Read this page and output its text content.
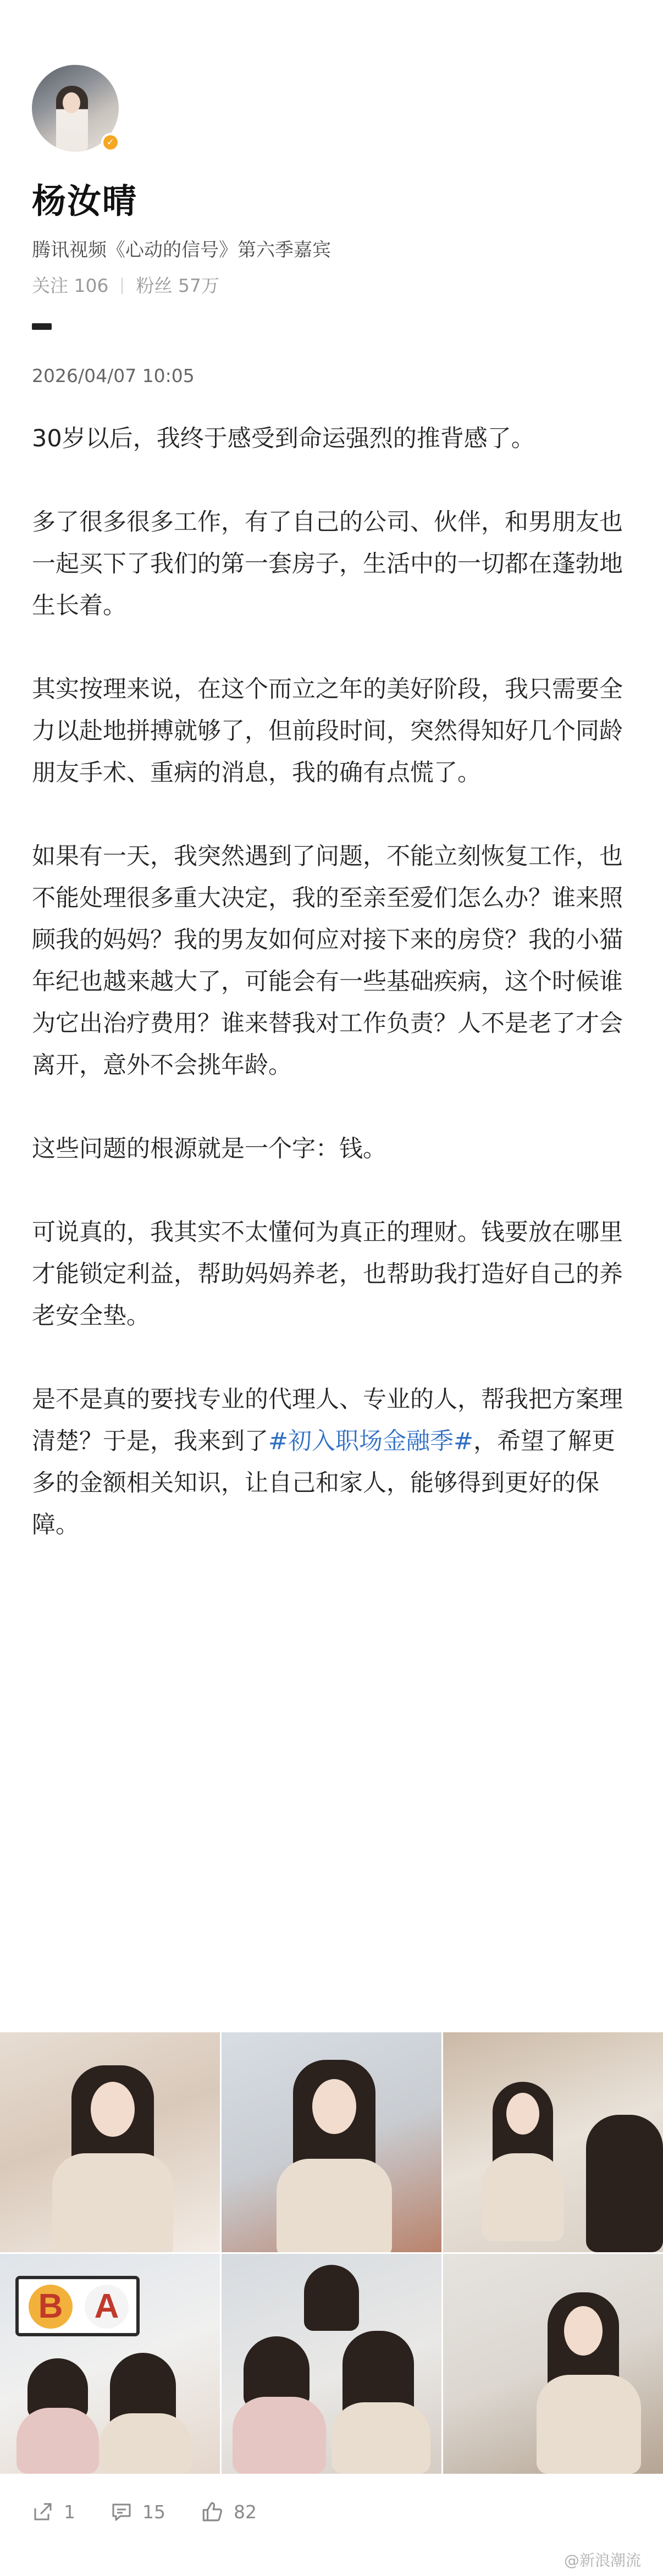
✓
杨汝晴
腾讯视频《心动的信号》第六季嘉宾
关注 106 粉丝 57万
2026/04/07 10:05

30岁以后，我终于感受到命运强烈的推背感了。

多了很多很多工作，有了自己的公司、伙伴，和男朋友也一起买下了我们的第一套房子，生活中的一切都在蓬勃地生长着。

其实按理来说，在这个而立之年的美好阶段，我只需要全力以赴地拼搏就够了，但前段时间，突然得知好几个同龄朋友手术、重病的消息，我的确有点慌了。

如果有一天，我突然遇到了问题，不能立刻恢复工作，也不能处理很多重大决定，我的至亲至爱们怎么办？谁来照顾我的妈妈？我的男友如何应对接下来的房贷？我的小猫年纪也越来越大了，可能会有一些基础疾病，这个时候谁为它出治疗费用？谁来替我对工作负责？人不是老了才会离开，意外不会挑年龄。

这些问题的根源就是一个字：钱。

可说真的，我其实不太懂何为真正的理财。钱要放在哪里才能锁定利益，帮助妈妈养老，也帮助我打造好自己的养老安全垫。

是不是真的要找专业的代理人、专业的人，帮我把方案理清楚？于是，我来到了#初入职场金融季#，希望了解更多的金额相关知识，让自己和家人，能够得到更好的保障。

B A
1	15	82
@新浪潮流
